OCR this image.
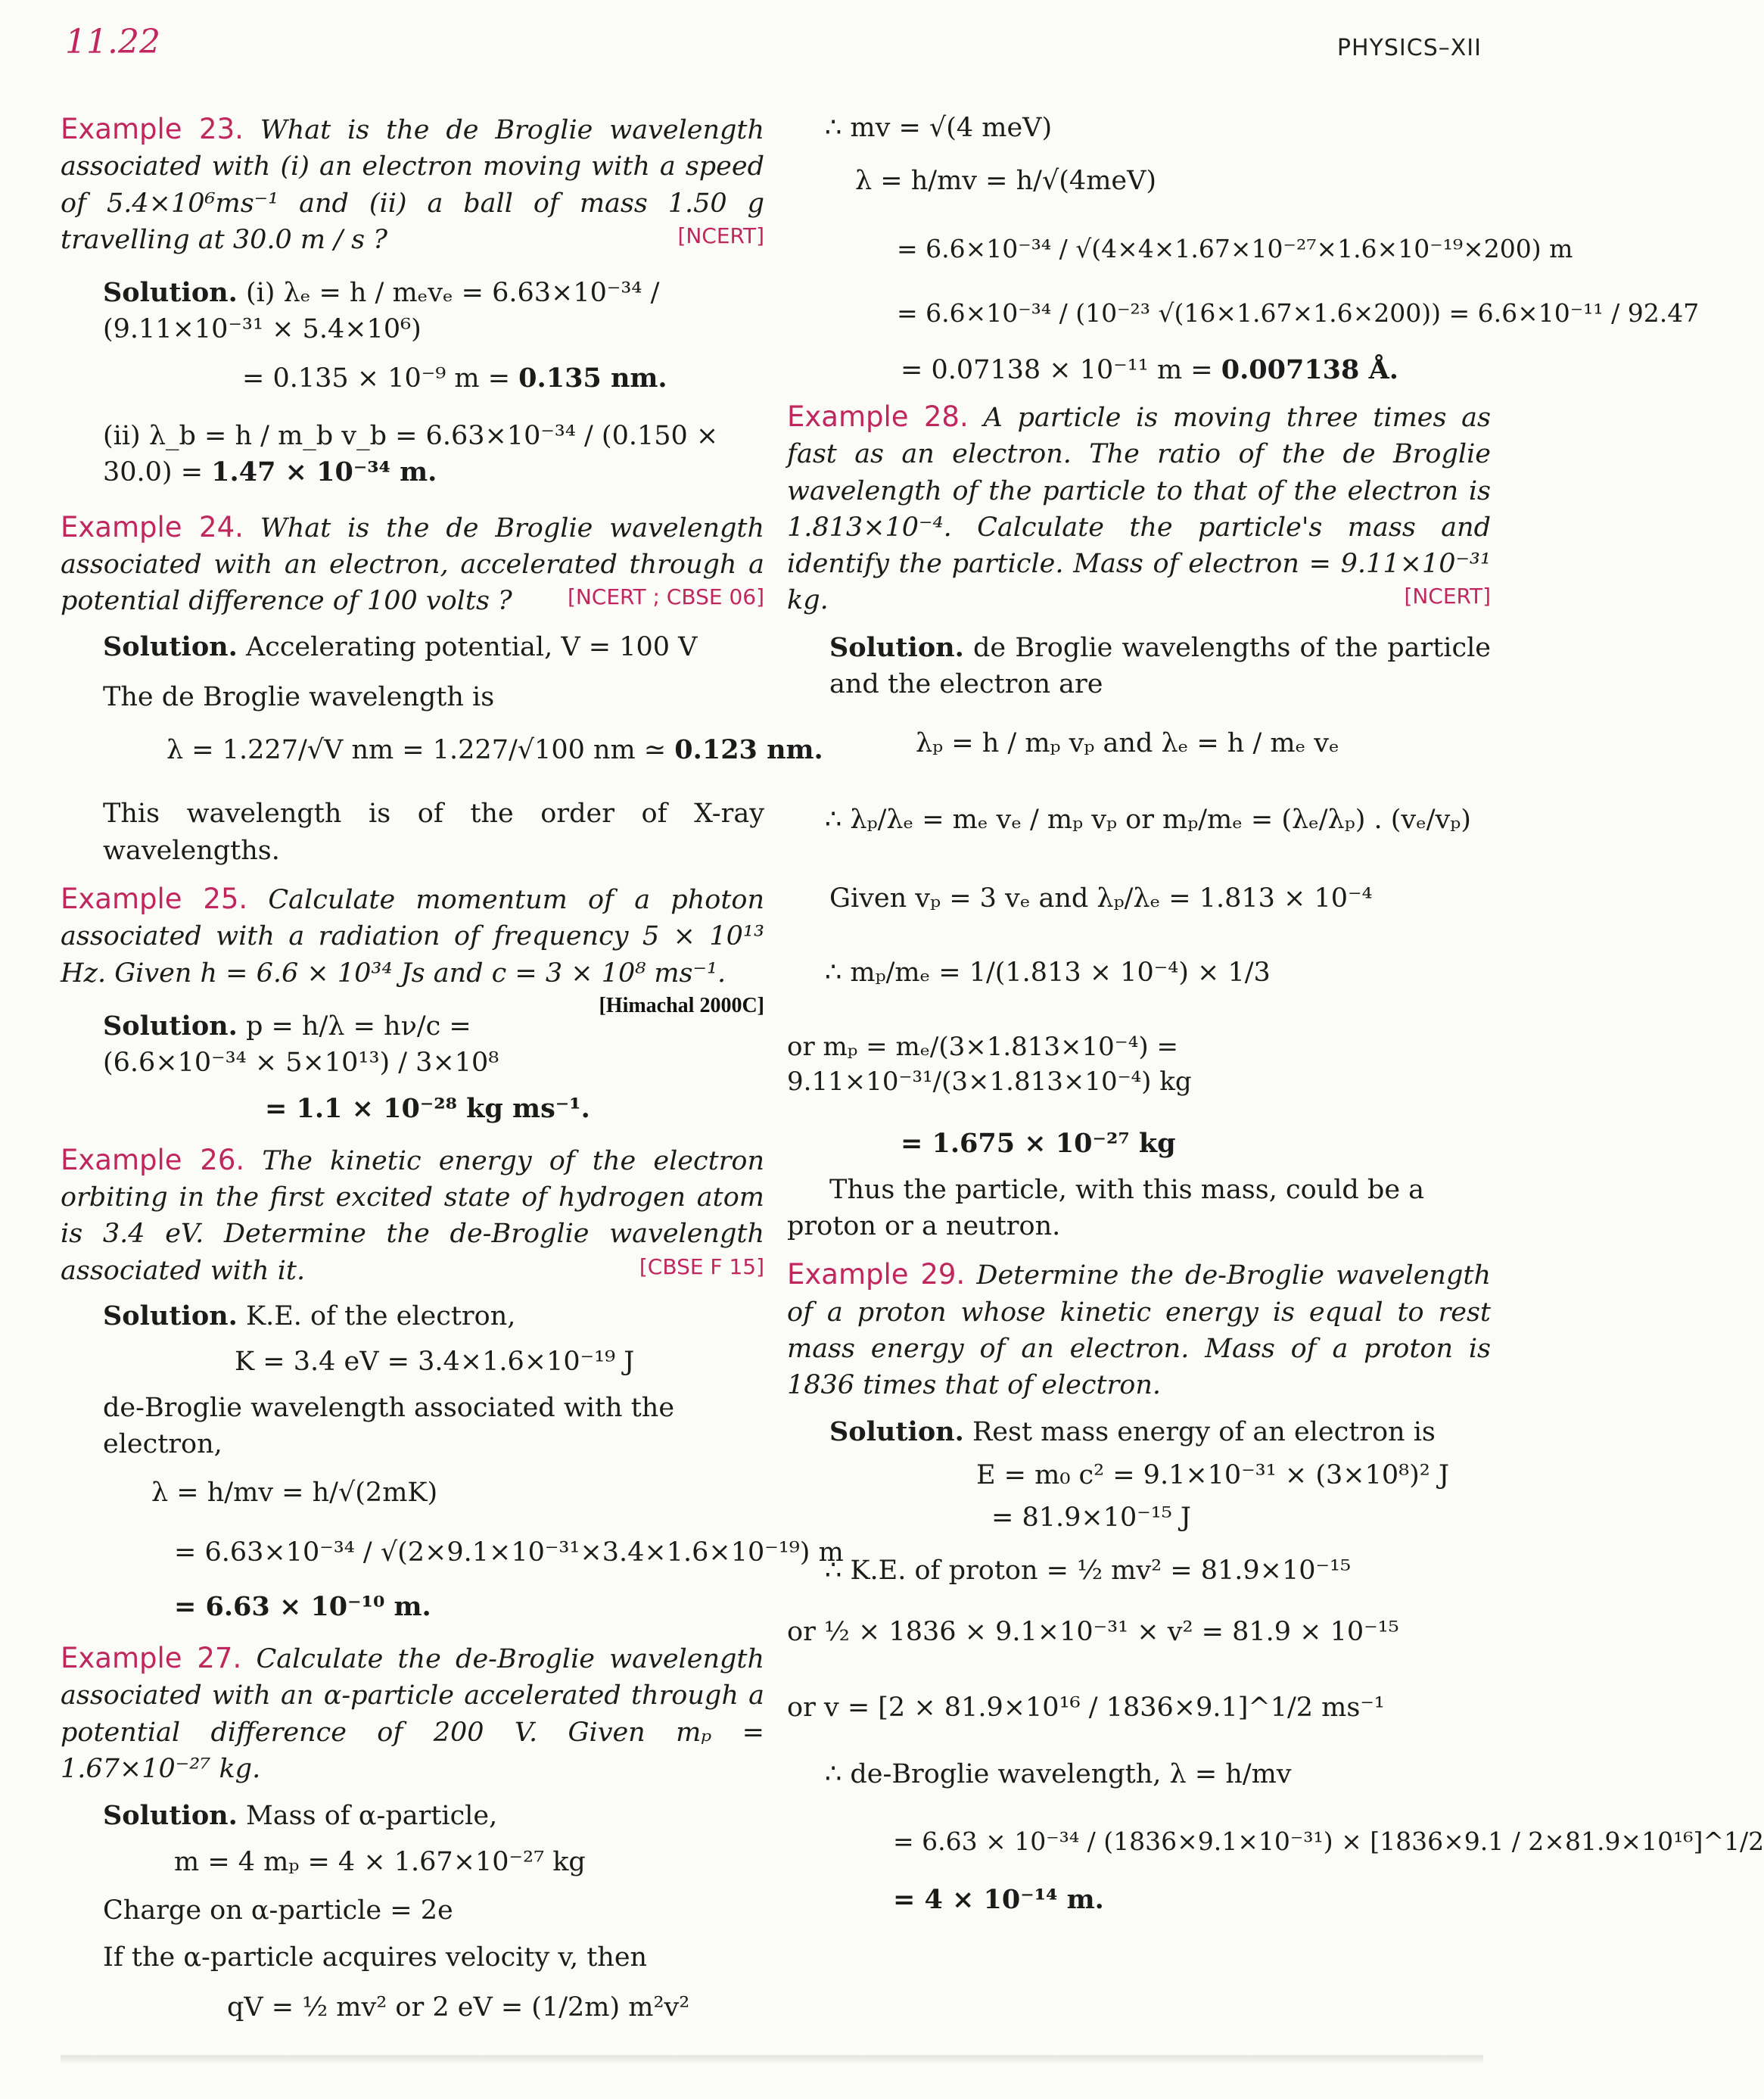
11.22	PHYSICS–XII
Example 23. What is the de Broglie wavelength associated with (i) an electron moving with a speed of 5.4×10⁶ms⁻¹ and (ii) a ball of mass 1.50 g travelling at 30.0 m / s ?	[NCERT]
Solution. (i) λₑ = h / mₑvₑ = 6.63×10⁻³⁴ / (9.11×10⁻³¹ × 5.4×10⁶)
= 0.135 × 10⁻⁹ m = 0.135 nm.
(ii) λ_b = h / m_b v_b = 6.63×10⁻³⁴ / (0.150 × 30.0) = 1.47 × 10⁻³⁴ m.
Example 24. What is the de Broglie wavelength associated with an electron, accelerated through a potential difference of 100 volts ?	[NCERT ; CBSE 06]
Solution. Accelerating potential, V = 100 V
The de Broglie wavelength is
λ = 1.227/√V nm = 1.227/√100 nm ≃ 0.123 nm.
This wavelength is of the order of X-ray wavelengths.
Example 25. Calculate momentum of a photon associated with a radiation of frequency 5 × 10¹³ Hz. Given h = 6.6 × 10³⁴ Js and c = 3 × 10⁸ ms⁻¹.
[Himachal 2000C]
Solution. p = h/λ = hν/c = (6.6×10⁻³⁴ × 5×10¹³) / 3×10⁸
= 1.1 × 10⁻²⁸ kg ms⁻¹.
Example 26. The kinetic energy of the electron orbiting in the first excited state of hydrogen atom is 3.4 eV. Determine the de-Broglie wavelength associated with it.	[CBSE F 15]
Solution. K.E. of the electron,
K = 3.4 eV = 3.4×1.6×10⁻¹⁹ J
de-Broglie wavelength associated with the electron,
λ = h/mv = h/√(2mK)
= 6.63×10⁻³⁴ / √(2×9.1×10⁻³¹×3.4×1.6×10⁻¹⁹) m
= 6.63 × 10⁻¹⁰ m.
Example 27. Calculate the de-Broglie wavelength associated with an α-particle accelerated through a potential difference of 200 V. Given mₚ = 1.67×10⁻²⁷ kg.
Solution. Mass of α-particle,
m = 4 mₚ = 4 × 1.67×10⁻²⁷ kg
Charge on α-particle = 2e
If the α-particle acquires velocity v, then
qV = ½ mv² or 2 eV = (1/2m) m²v²
∴ mv = √(4 meV)
λ = h/mv = h/√(4meV)
= 6.6×10⁻³⁴ / √(4×4×1.67×10⁻²⁷×1.6×10⁻¹⁹×200) m
= 6.6×10⁻³⁴ / (10⁻²³ √(16×1.67×1.6×200)) = 6.6×10⁻¹¹ / 92.47
= 0.07138 × 10⁻¹¹ m = 0.007138 Å.
Example 28. A particle is moving three times as fast as an electron. The ratio of the de Broglie wavelength of the particle to that of the electron is 1.813×10⁻⁴. Calculate the particle's mass and identify the particle. Mass of electron = 9.11×10⁻³¹ kg.	[NCERT]
Solution. de Broglie wavelengths of the particle and the electron are
λₚ = h / mₚ vₚ and λₑ = h / mₑ vₑ
∴ λₚ/λₑ = mₑ vₑ / mₚ vₚ or mₚ/mₑ = (λₑ/λₚ) . (vₑ/vₚ)
Given vₚ = 3 vₑ and λₚ/λₑ = 1.813 × 10⁻⁴
∴ mₚ/mₑ = 1/(1.813 × 10⁻⁴) × 1/3
or mₚ = mₑ/(3×1.813×10⁻⁴) = 9.11×10⁻³¹/(3×1.813×10⁻⁴) kg
= 1.675 × 10⁻²⁷ kg
Thus the particle, with this mass, could be a proton or a neutron.
Example 29. Determine the de-Broglie wavelength of a proton whose kinetic energy is equal to rest mass energy of an electron. Mass of a proton is 1836 times that of electron.
Solution. Rest mass energy of an electron is
E = m₀ c² = 9.1×10⁻³¹ × (3×10⁸)² J
= 81.9×10⁻¹⁵ J
∴ K.E. of proton = ½ mv² = 81.9×10⁻¹⁵
or ½ × 1836 × 9.1×10⁻³¹ × v² = 81.9 × 10⁻¹⁵
or v = [2 × 81.9×10¹⁶ / 1836×9.1]^1/2 ms⁻¹
∴ de-Broglie wavelength, λ = h/mv
= 6.63 × 10⁻³⁴ / (1836×9.1×10⁻³¹) × [1836×9.1 / 2×81.9×10¹⁶]^1/2
= 4 × 10⁻¹⁴ m.
